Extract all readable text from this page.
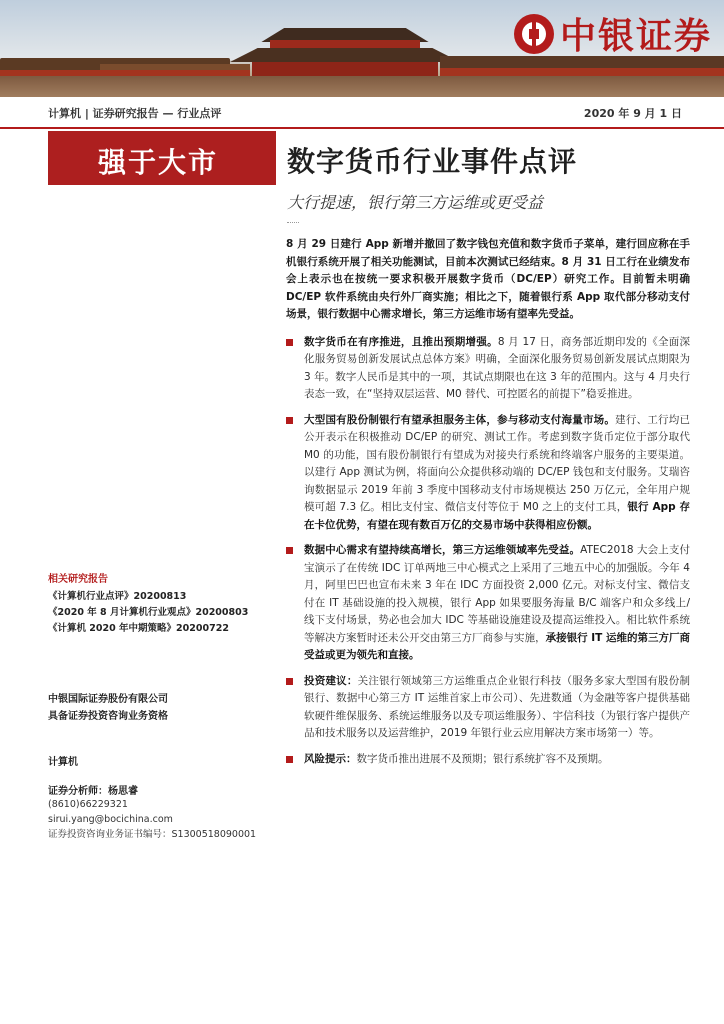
中银证券
计算机 | 证券研究报告 — 行业点评	2020 年 9 月 1 日
强于大市 数字货币行业事件点评
大行提速，银行第三方运维或更受益

8 月 29 日建行 App 新增并撤回了数字钱包充值和数字货币子菜单，建行回应称在手机银行系统开展了相关功能测试，目前本次测试已经结束。8 月 31 日工行在业绩发布会上表示也在按统一要求积极开展数字货币（DC/EP）研究工作。目前暂未明确 DC/EP 软件系统由央行外厂商实施；相比之下，随着银行系 App 取代部分移动支付场景，银行数据中心需求增长，第三方运维市场有望率先受益。

数字货币在有序推进，且推出预期增强。8 月 17 日，商务部近期印发的《全面深化服务贸易创新发展试点总体方案》明确，全面深化服务贸易创新发展试点期限为 3 年。数字人民币是其中的一项，其试点期限也在这 3 年的范围内。这与 4 月央行表态一致，在“坚持双层运营、M0 替代、可控匿名的前提下”稳妥推进。
大型国有股份制银行有望承担服务主体，参与移动支付海量市场。建行、工行均已公开表示在积极推动 DC/EP 的研究、测试工作。考虑到数字货币定位于部分取代 M0 的功能，国有股份制银行有望成为对接央行系统和终端客户服务的主要渠道。以建行 App 测试为例，将面向公众提供移动端的 DC/EP 钱包和支付服务。艾瑞咨询数据显示 2019 年前 3 季度中国移动支付市场规模达 250 万亿元，全年用户规模可超 7.3 亿。相比支付宝、微信支付等位于 M0 之上的支付工具，银行 App 存在卡位优势，有望在现有数百万亿的交易市场中获得相应份额。
数据中心需求有望持续高增长，第三方运维领域率先受益。ATEC2018 大会上支付宝演示了在传统 IDC 订单两地三中心模式之上采用了三地五中心的加强版。今年 4 月，阿里巴巴也宣布未来 3 年在 IDC 方面投资 2,000 亿元。对标支付宝、微信支付在 IT 基础设施的投入规模，银行 App 如果要服务海量 B/C 端客户和众多线上/线下支付场景，势必也会加大 IDC 等基础设施建设及提高运维投入。相比软件系统等解决方案暂时还未公开交由第三方厂商参与实施，承接银行 IT 运维的第三方厂商受益或更为领先和直接。
投资建议：关注银行领域第三方运维重点企业银行科技（服务多家大型国有股份制银行、数据中心第三方 IT 运维首家上市公司）、先进数通（为金融等客户提供基础软硬件维保服务、系统运维服务以及专项运维服务）、宇信科技（为银行客户提供产品和技术服务以及运营维护，2019 年银行业云应用解决方案市场第一）等。
风险提示：数字货币推出进展不及预期；银行系统扩容不及预期。
相关研究报告
《计算机行业点评》20200813
《2020 年 8 月计算机行业观点》20200803
《计算机 2020 年中期策略》20200722
中银国际证券股份有限公司
具备证券投资咨询业务资格
计算机
证券分析师：杨思睿
(8610)66229321
sirui.yang@bocichina.com
证券投资咨询业务证书编号：S1300518090001
